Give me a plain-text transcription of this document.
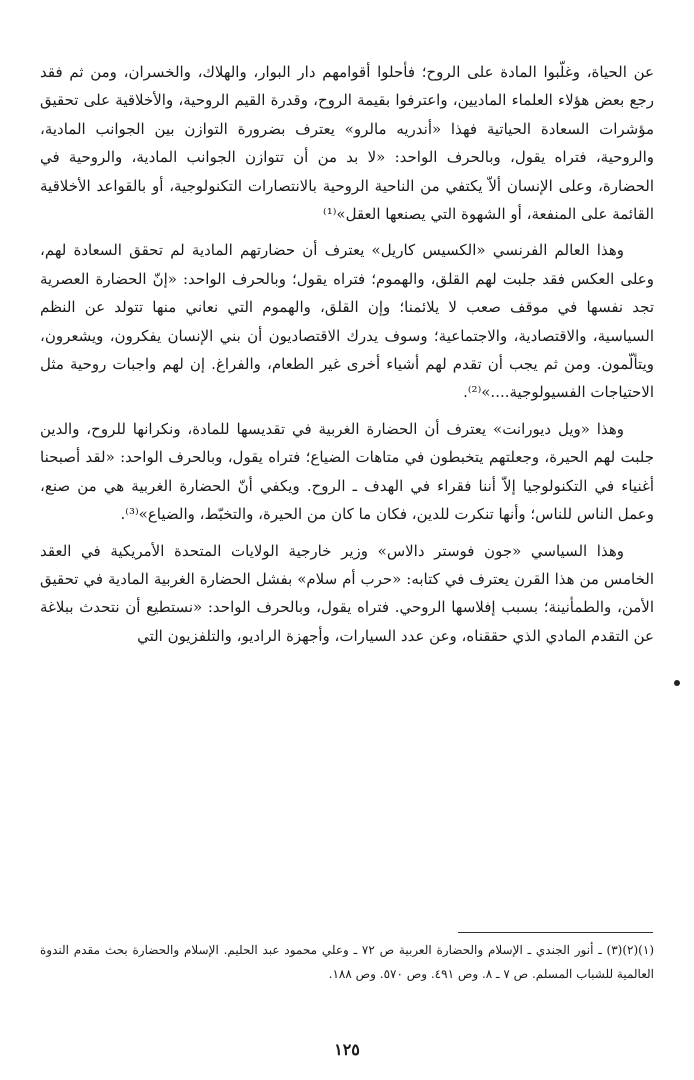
عن الحياة، وغلّبوا المادة على الروح؛ فأحلوا أقوامهم دار البوار، والهلاك، والخسران، ومن ثم فقد رجع بعض هؤلاء العلماء الماديين، واعترفوا بقيمة الروح، وقدرة القيم الروحية، والأخلاقية على تحقيق مؤشرات السعادة الحياتية فهذا «أندريه مالرو» يعترف بضرورة التوازن بين الجوانب المادية، والروحية، فتراه يقول، وبالحرف الواحد: «لا بد من أن تتوازن الجوانب المادية، والروحية في الحضارة، وعلى الإنسان ألاّ يكتفي من الناحية الروحية بالانتصارات التكنولوجية، أو بالقواعد الأخلاقية القائمة على المنفعة، أو الشهوة التي يصنعها العقل»⁽¹⁾

وهذا العالم الفرنسي «الكسيس كاريل» يعترف أن حضارتهم المادية لم تحقق السعادة لهم، وعلى العكس فقد جلبت لهم القلق، والهموم؛ فتراه يقول؛ وبالحرف الواحد: «إنّ الحضارة العصرية تجد نفسها في موقف صعب لا يلائمنا؛ وإن القلق، والهموم التي نعاني منها تتولد عن النظم السياسية، والاقتصادية، والاجتماعية؛ وسوف يدرك الاقتصاديون أن بني الإنسان يفكرون، ويشعرون، ويتألّمون. ومن ثم يجب أن تقدم لهم أشياء أخرى غير الطعام، والفراغ. إن لهم واجبات روحية مثل الاحتياجات الفسيولوجية....»⁽²⁾.

وهذا «ويل ديورانت» يعترف أن الحضارة الغربية في تقديسها للمادة، ونكرانها للروح، والدين جلبت لهم الحيرة، وجعلتهم يتخبطون في متاهات الضياع؛ فتراه يقول، وبالحرف الواحد: «لقد أصبحنا أغنياء في التكنولوجيا إلاّ أننا فقراء في الهدف ـ الروح. ويكفي أنّ الحضارة الغربية هي من صنع، وعمل الناس للناس؛ وأنها تنكرت للدين، فكان ما كان من الحيرة، والتخبّط، والضياع»⁽³⁾.

وهذا السياسي «جون فوستر دالاس» وزير خارجية الولايات المتحدة الأمريكية في العقد الخامس من هذا القرن يعترف في كتابه: «حرب أم سلام» بفشل الحضارة الغربية المادية في تحقيق الأمن، والطمأنينة؛ بسبب إفلاسها الروحي. فتراه يقول، وبالحرف الواحد: «نستطيع أن نتحدث ببلاغة عن التقدم المادي الذي حققناه، وعن عدد السيارات، وأجهزة الراديو، والتلفزيون التي

(١)(٢)(٣) ـ أنور الجندي ـ الإسلام والحضارة العربية ص ٧٢ ـ وعلي محمود عبد الحليم. الإسلام والحضارة بحث مقدم الندوة العالمية للشباب المسلم. ص ٧ ـ ٨. وص ٤٩١. وص ٥٧٠. وص ١٨٨.
١٢٥
